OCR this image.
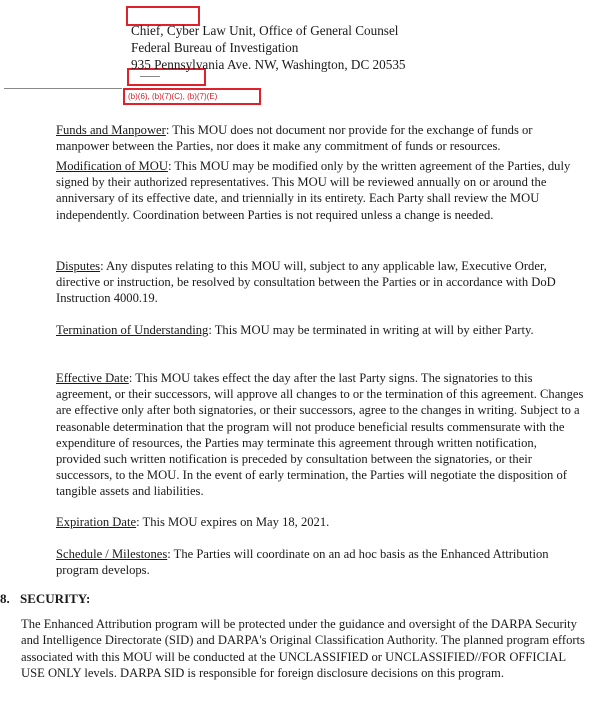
(b)(6), (b)(7)(C), (b)(7)(E)
Chief, Cyber Law Unit, Office of General Counsel
Federal Bureau of Investigation
935 Pennsylvania Ave. NW, Washington, DC 20535

Funds and Manpower: This MOU does not document nor provide for the exchange of funds or manpower between the Parties, nor does it make any commitment of funds or resources.

Modification of MOU: This MOU may be modified only by the written agreement of the Parties, duly signed by their authorized representatives. This MOU will be reviewed annually on or around the anniversary of its effective date, and triennially in its entirety. Each Party shall review the MOU independently. Coordination between Parties is not required unless a change is needed.

Disputes: Any disputes relating to this MOU will, subject to any applicable law, Executive Order, directive or instruction, be resolved by consultation between the Parties or in accordance with DoD Instruction 4000.19.

Termination of Understanding: This MOU may be terminated in writing at will by either Party.

Effective Date: This MOU takes effect the day after the last Party signs. The signatories to this agreement, or their successors, will approve all changes to or the termination of this agreement. Changes are effective only after both signatories, or their successors, agree to the changes in writing. Subject to a reasonable determination that the program will not produce beneficial results commensurate with the expenditure of resources, the Parties may terminate this agreement through written notification, provided such written notification is preceded by consultation between the signatories, or their successors, to the MOU. In the event of early termination, the Parties will negotiate the disposition of tangible assets and liabilities.

Expiration Date: This MOU expires on May 18, 2021.

Schedule / Milestones: The Parties will coordinate on an ad hoc basis as the Enhanced Attribution program develops.

8. SECURITY:

The Enhanced Attribution program will be protected under the guidance and oversight of the DARPA Security and Intelligence Directorate (SID) and DARPA's Original Classification Authority. The planned program efforts associated with this MOU will be conducted at the UNCLASSIFIED or UNCLASSIFIED//FOR OFFICIAL USE ONLY levels. DARPA SID is responsible for foreign disclosure decisions on this program.
